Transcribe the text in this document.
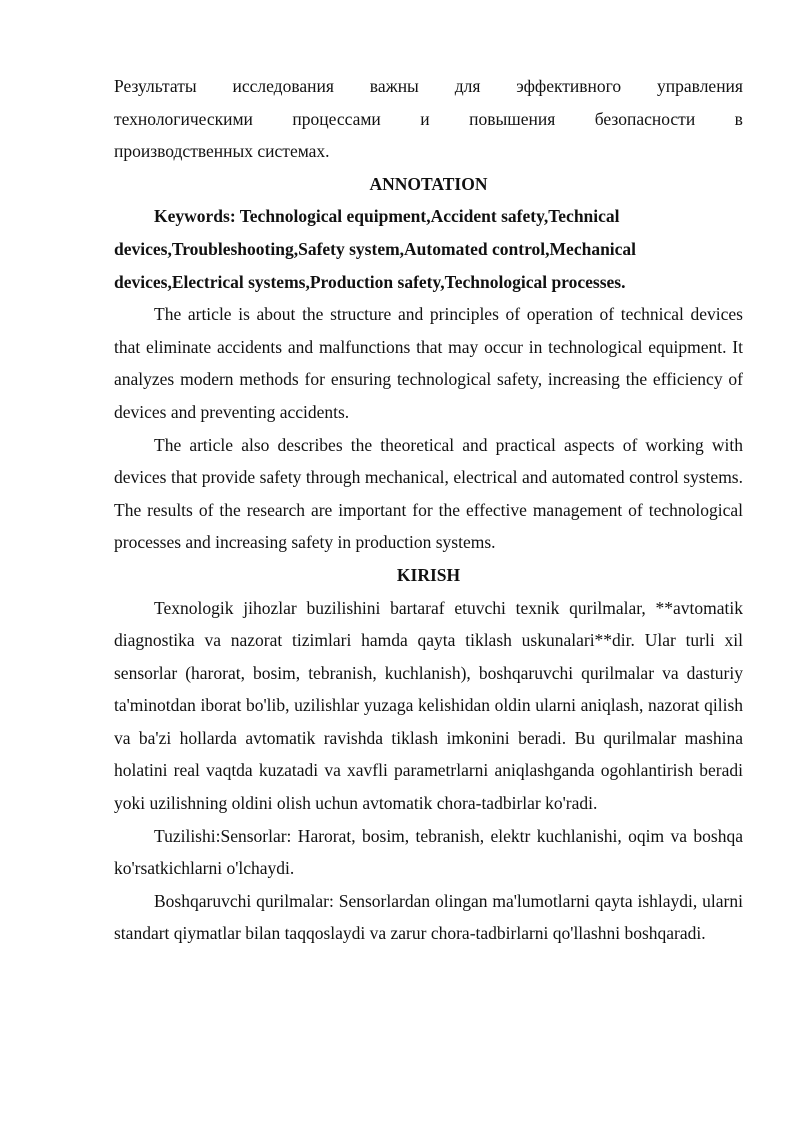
Результаты исследования важны для эффективного управления
технологическими процессами и повышения безопасности в

производственных системах.

ANNOTATION

Keywords: Technological equipment,Accident safety,Technical devices,Troubleshooting,Safety system,Automated control,Mechanical devices,Electrical systems,Production safety,Technological processes.

The article is about the structure and principles of operation of technical devices that eliminate accidents and malfunctions that may occur in technological equipment. It analyzes modern methods for ensuring technological safety, increasing the efficiency of devices and preventing accidents.

The article also describes the theoretical and practical aspects of working with devices that provide safety through mechanical, electrical and automated control systems. The results of the research are important for the effective management of technological processes and increasing safety in production systems.

KIRISH

Texnologik jihozlar buzilishini bartaraf etuvchi texnik qurilmalar, **avtomatik diagnostika va nazorat tizimlari hamda qayta tiklash uskunalari**dir. Ular turli xil sensorlar (harorat, bosim, tebranish, kuchlanish), boshqaruvchi qurilmalar va dasturiy ta'minotdan iborat bo'lib, uzilishlar yuzaga kelishidan oldin ularni aniqlash, nazorat qilish va ba'zi hollarda avtomatik ravishda tiklash imkonini beradi. Bu qurilmalar mashina holatini real vaqtda kuzatadi va xavfli parametrlarni aniqlashganda ogohlantirish beradi yoki uzilishning oldini olish uchun avtomatik chora-tadbirlar ko'radi.

Tuzilishi:Sensorlar: Harorat, bosim, tebranish, elektr kuchlanishi, oqim va boshqa ko'rsatkichlarni o'lchaydi.

Boshqaruvchi qurilmalar: Sensorlardan olingan ma'lumotlarni qayta ishlaydi, ularni standart qiymatlar bilan taqqoslaydi va zarur chora-tadbirlarni qo'llashni boshqaradi.
